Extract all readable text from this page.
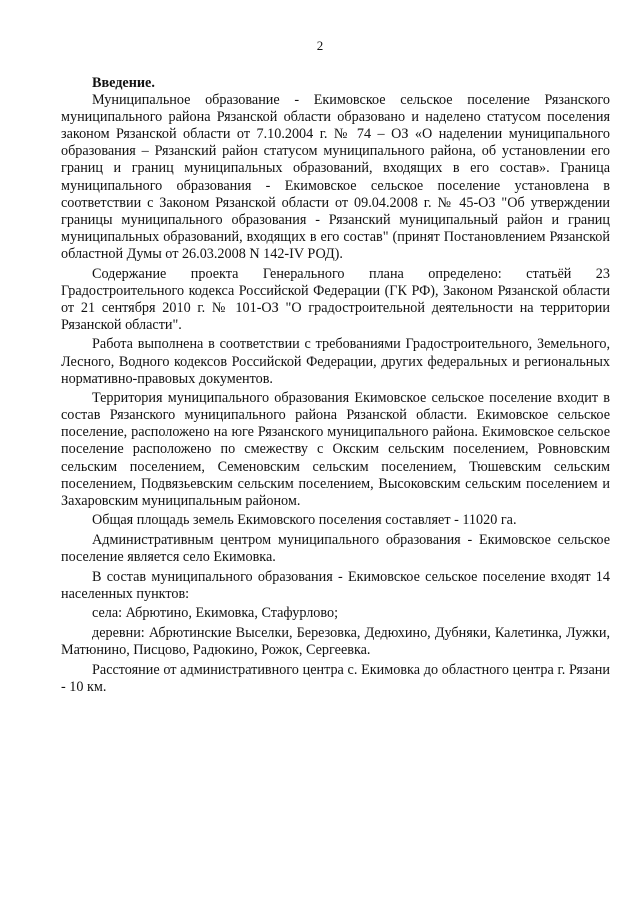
2
Введение.

Муниципальное образование - Екимовское сельское поселение Рязанского муниципального района Рязанской области образовано и наделено статусом поселения законом Рязанской области от 7.10.2004 г. № 74 – ОЗ «О наделении муниципального образования – Рязанский район статусом муниципального района, об установлении его границ и границ муниципальных образований, входящих в его состав». Граница муниципального образования - Екимовское сельское поселение установлена в соответствии с Законом Рязанской области от 09.04.2008 г. № 45-ОЗ "Об утверждении границы муниципального образования - Рязанский муниципальный район и границ муниципальных образований, входящих в его состав" (принят Постановлением Рязанской областной Думы от 26.03.2008 N 142-IV РОД).

Содержание проекта Генерального плана определено: статьёй 23 Градостроительного кодекса Российской Федерации (ГК РФ), Законом Рязанской области от 21 сентября 2010 г. № 101-ОЗ "О градостроительной деятельности на территории Рязанской области".

Работа выполнена в соответствии с требованиями Градостроительного, Земельного, Лесного, Водного кодексов Российской Федерации, других федеральных и региональных нормативно-правовых документов.

Территория муниципального образования Екимовское сельское поселение входит в состав Рязанского муниципального района Рязанской области. Екимовское сельское поселение, расположено на юге Рязанского муниципального района. Екимовское сельское поселение расположено по смежеству с Окским сельским поселением, Ровновским сельским поселением, Семеновским сельским поселением, Тюшевским сельским поселением, Подвязьевским сельским поселением, Высоковским сельским поселением и Захаровским муниципальным районом.

Общая площадь земель Екимовского поселения составляет - 11020 га.

Административным центром муниципального образования - Екимовское сельское поселение является село Екимовка.

В состав муниципального образования - Екимовское сельское поселение входят 14 населенных пунктов:

села: Абрютино, Екимовка, Стафурлово;

деревни: Абрютинские Выселки, Березовка, Дедюхино, Дубняки, Калетинка, Лужки, Матюнино, Писцово, Радюкино, Рожок, Сергеевка.

Расстояние от административного центра с. Екимовка до областного центра г. Рязани - 10 км.
